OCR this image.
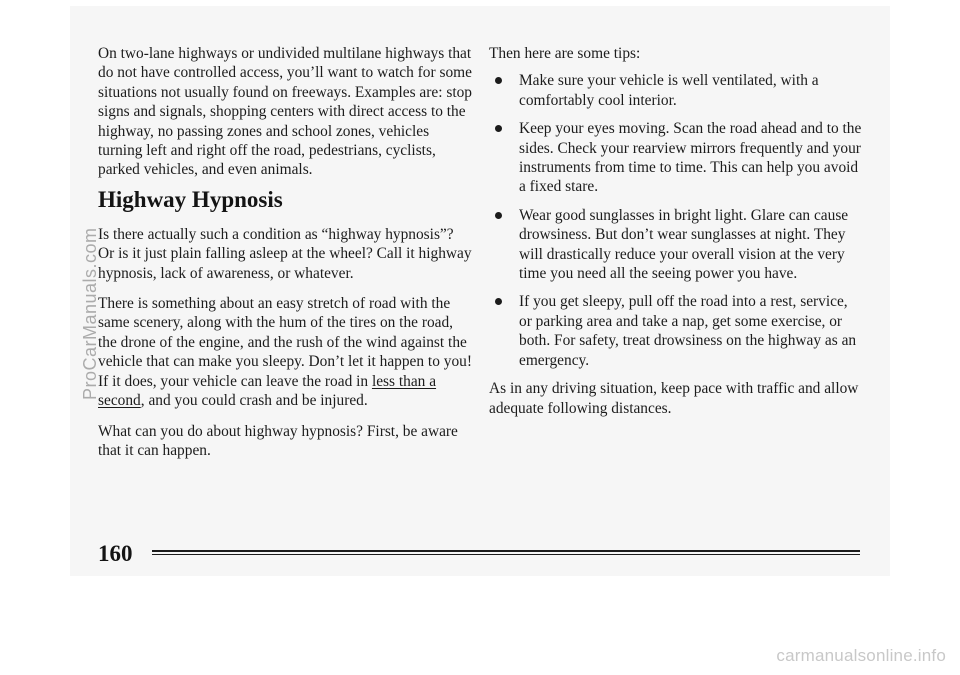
On two-lane highways or undivided multilane highways that do not have controlled access, you’ll want to watch for some situations not usually found on freeways. Examples are: stop signs and signals, shopping centers with direct access to the highway, no passing zones and school zones, vehicles turning left and right off the road, pedestrians, cyclists, parked vehicles, and even animals.

Highway Hypnosis

Is there actually such a condition as “highway hypnosis”? Or is it just plain falling asleep at the wheel? Call it highway hypnosis, lack of awareness, or whatever.

There is something about an easy stretch of road with the same scenery, along with the hum of the tires on the road, the drone of the engine, and the rush of the wind against the vehicle that can make you sleepy. Don’t let it happen to you! If it does, your vehicle can leave the road in less than a second, and you could crash and be injured.

What can you do about highway hypnosis? First, be aware that it can happen.

Then here are some tips:

Make sure your vehicle is well ventilated, with a comfortably cool interior.
Keep your eyes moving. Scan the road ahead and to the sides. Check your rearview mirrors frequently and your instruments from time to time. This can help you avoid a fixed stare.
Wear good sunglasses in bright light. Glare can cause drowsiness. But don’t wear sunglasses at night. They will drastically reduce your overall vision at the very time you need all the seeing power you have.
If you get sleepy, pull off the road into a rest, service, or parking area and take a nap, get some exercise, or both. For safety, treat drowsiness on the highway as an emergency.

As in any driving situation, keep pace with traffic and allow adequate following distances.

160
ProCarManuals.com
carmanualsonline.info
